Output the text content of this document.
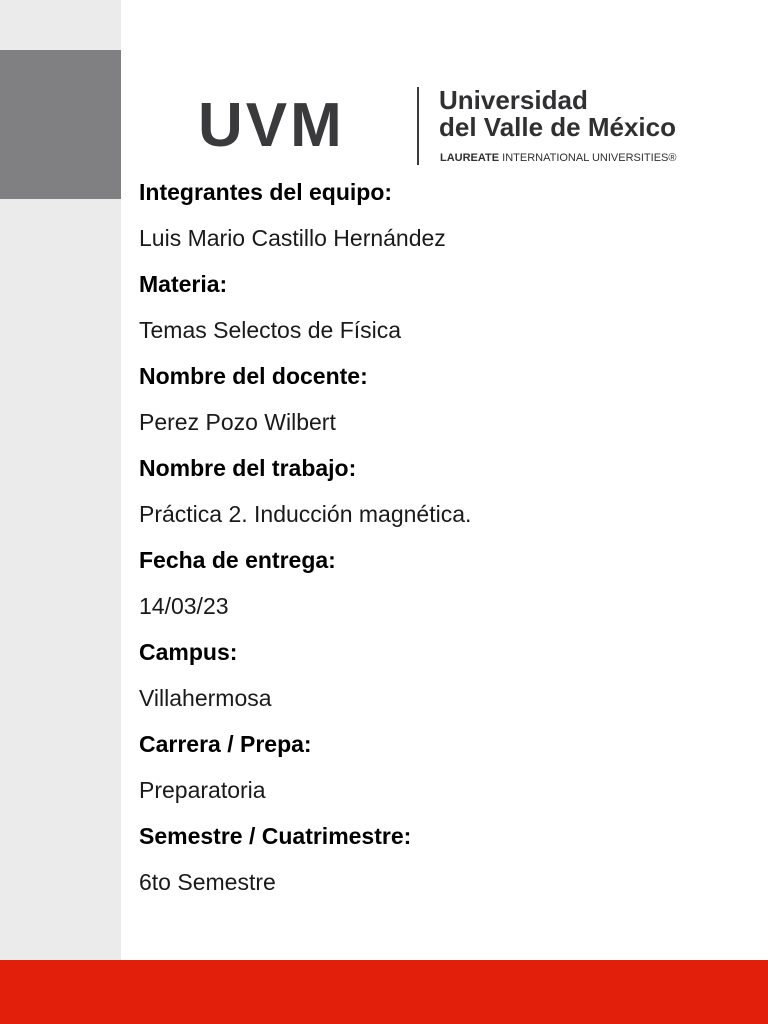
UVM	Universidad
del Valle de México
LAUREATE INTERNATIONAL UNIVERSITIES®
Integrantes del equipo:
Luis Mario Castillo Hernández
Materia:
Temas Selectos de Física
Nombre del docente:
Perez Pozo Wilbert
Nombre del trabajo:
Práctica 2. Inducción magnética.
Fecha de entrega:
14/03/23
Campus:
Villahermosa
Carrera / Prepa:
Preparatoria
Semestre / Cuatrimestre:
6to Semestre
